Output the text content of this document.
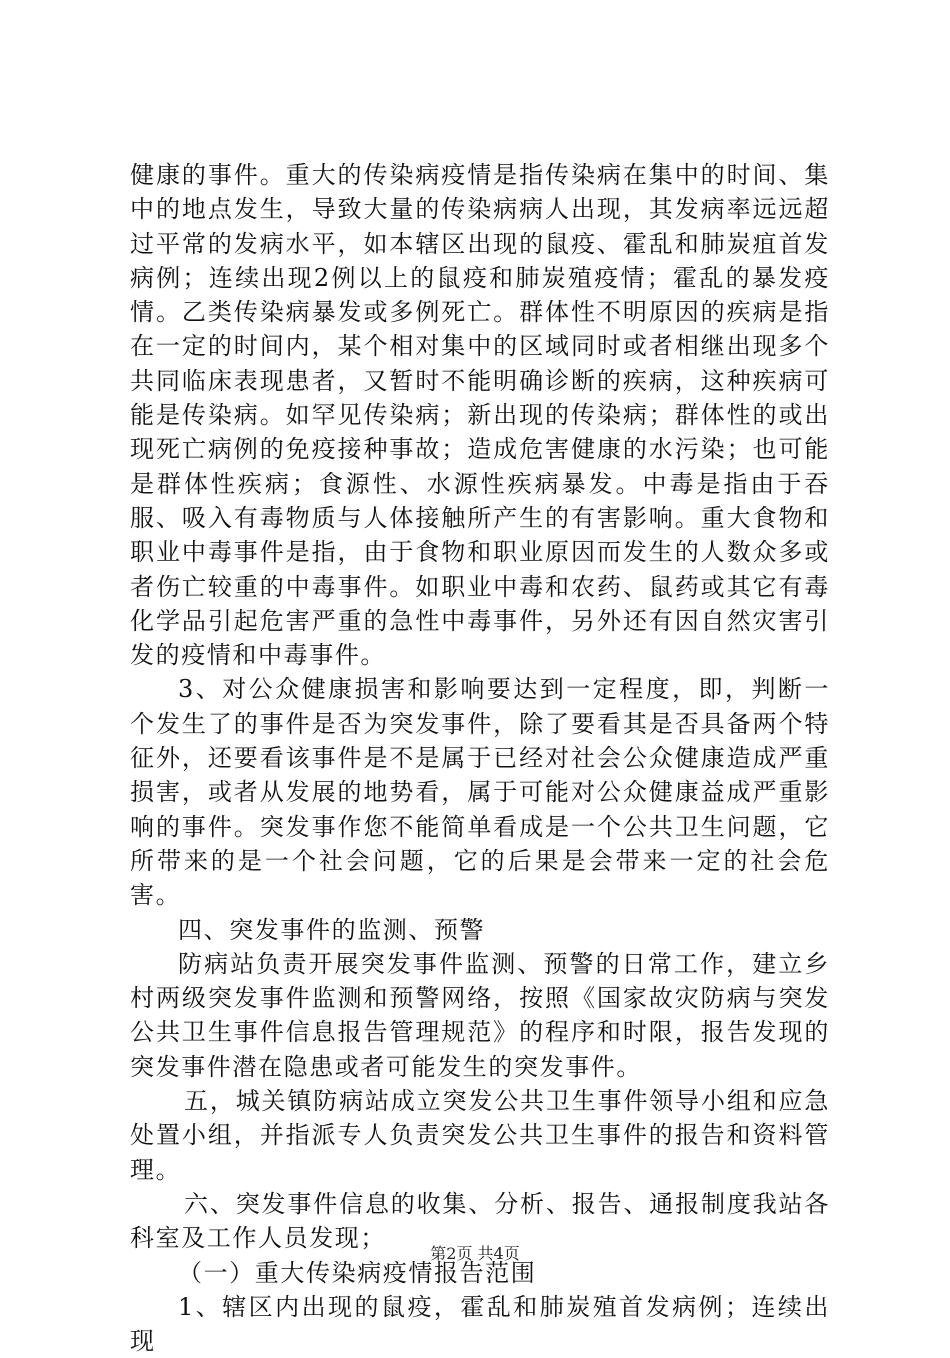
健康的事件。重大的传染病疫情是指传染病在集中的时间、集中的地点发生，导致大量的传染病病人出现，其发病率远远超过平常的发病水平，如本辖区出现的鼠疫、霍乱和肺炭疽首发病例；连续出现2例以上的鼠疫和肺炭殖疫情；霍乱的暴发疫情。乙类传染病暴发或多例死亡。群体性不明原因的疾病是指在一定的时间内，某个相对集中的区域同时或者相继出现多个共同临床表现患者，又暂时不能明确诊断的疾病，这种疾病可能是传染病。如罕见传染病；新出现的传染病；群体性的或出现死亡病例的免疫接种事故；造成危害健康的水污染；也可能是群体性疾病；食源性、水源性疾病暴发。中毒是指由于吞服、吸入有毒物质与人体接触所产生的有害影响。重大食物和职业中毒事件是指，由于食物和职业原因而发生的人数众多或者伤亡较重的中毒事件。如职业中毒和农药、鼠药或其它有毒化学品引起危害严重的急性中毒事件，另外还有因自然灾害引发的疫情和中毒事件。

3、对公众健康损害和影响要达到一定程度，即，判断一个发生了的事件是否为突发事件，除了要看其是否具备两个特征外，还要看该事件是不是属于已经对社会公众健康造成严重损害，或者从发展的地势看，属于可能对公众健康益成严重影响的事件。突发事作您不能简单看成是一个公共卫生问题，它所带来的是一个社会问题，它的后果是会带来一定的社会危害。

四、突发事件的监测、预警

防病站负责开展突发事件监测、预警的日常工作，建立乡村两级突发事件监测和预警网络，按照《国家故灾防病与突发公共卫生事件信息报告管理规范》的程序和时限，报告发现的突发事件潜在隐患或者可能发生的突发事件。

五，城关镇防病站成立突发公共卫生事件领导小组和应急处置小组，并指派专人负责突发公共卫生事件的报告和资料管理。

六、突发事件信息的收集、分析、报告、通报制度我站各科室及工作人员发现；

（一）重大传染病疫情报告范围

1、辖区内出现的鼠疫，霍乱和肺炭殖首发病例；连续出现

第2页 共4页
